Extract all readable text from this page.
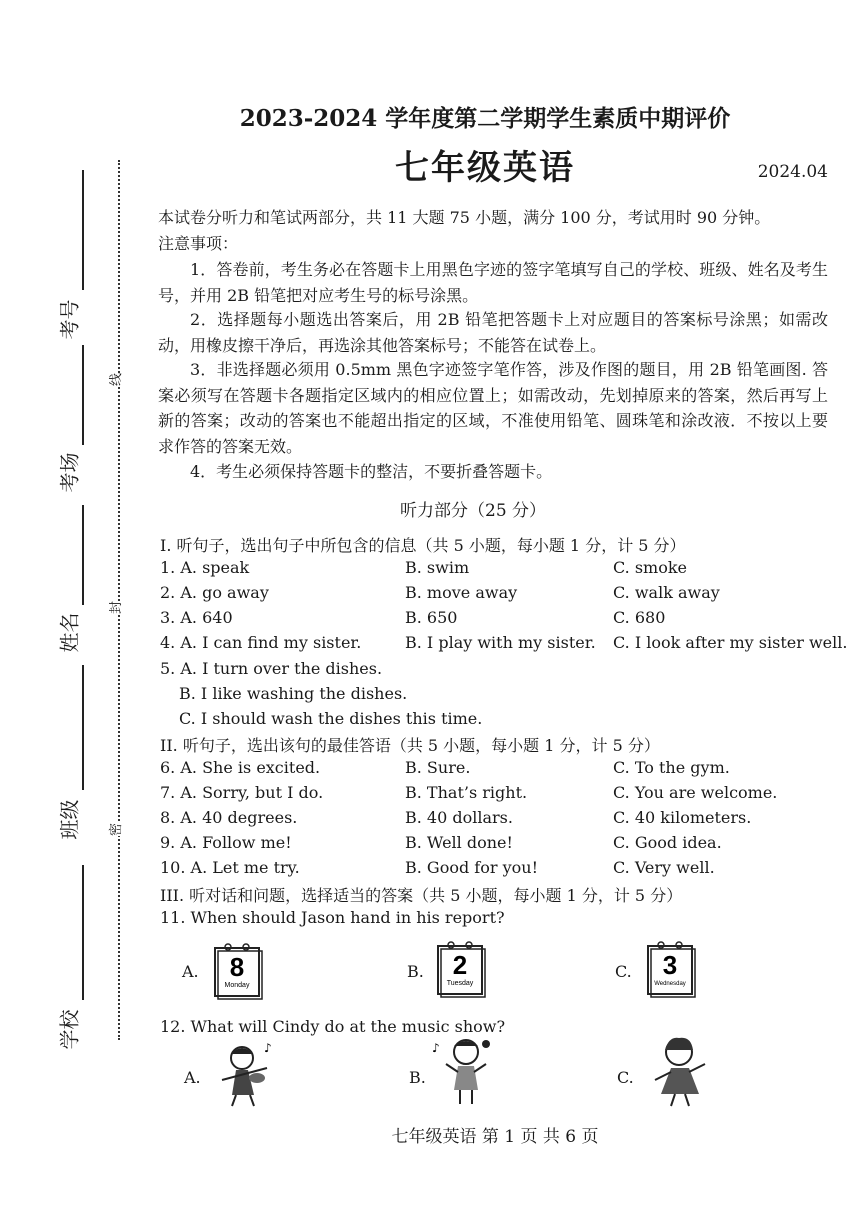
考号
考场
姓名
班级
学校
线
封
密
2023-2024 学年度第二学期学生素质中期评价
七年级英语	2024.04
本试卷分听力和笔试两部分，共 11 大题 75 小题，满分 100 分，考试用时 90 分钟。
注意事项：
1．答卷前，考生务必在答题卡上用黑色字迹的签字笔填写自己的学校、班级、姓名及考生号，并用 2B 铅笔把对应考生号的标号涂黑。
2．选择题每小题选出答案后，用 2B 铅笔把答题卡上对应题目的答案标号涂黑；如需改动，用橡皮擦干净后，再选涂其他答案标号；不能答在试卷上。
3．非选择题必须用 0.5mm 黑色字迹签字笔作答，涉及作图的题目，用 2B 铅笔画图. 答案必须写在答题卡各题指定区域内的相应位置上；如需改动，先划掉原来的答案，然后再写上新的答案；改动的答案也不能超出指定的区域，不准使用铅笔、圆珠笔和涂改液．不按以上要求作答的答案无效。
4．考生必须保持答题卡的整洁，不要折叠答题卡。
听力部分（25 分）
I. 听句子，选出句子中所包含的信息（共 5 小题，每小题 1 分，计 5 分）
1. A. speak	B. swim	C. smoke
2. A. go away	B. move away	C. walk away
3. A. 640	B. 650	C. 680
4. A. I can find my sister.	B. I play with my sister. C. I look after my sister well.
5. A. I turn over the dishes.
B. I like washing the dishes.
C. I should wash the dishes this time.
II. 听句子，选出该句的最佳答语（共 5 小题，每小题 1 分，计 5 分）
6. A. She is excited.	B. Sure.	C. To the gym.
7. A. Sorry, but I do.	B. That’s right.	C. You are welcome.
8. A. 40 degrees.	B. 40 dollars.	C. 40 kilometers.
9. A. Follow me!	B. Well done!	C. Good idea.
10. A. Let me try.	B. Good for you!	C. Very well.
III. 听对话和问题，选择适当的答案（共 5 小题，每小题 1 分，计 5 分）
11. When should Jason hand in his report?
A. 8
Monday
B. 2
Tuesday
C. 3
Wednesday
12. What will Cindy do at the music show?
A.
♪
B.
♪
C.
七年级英语 第 1 页 共 6 页
